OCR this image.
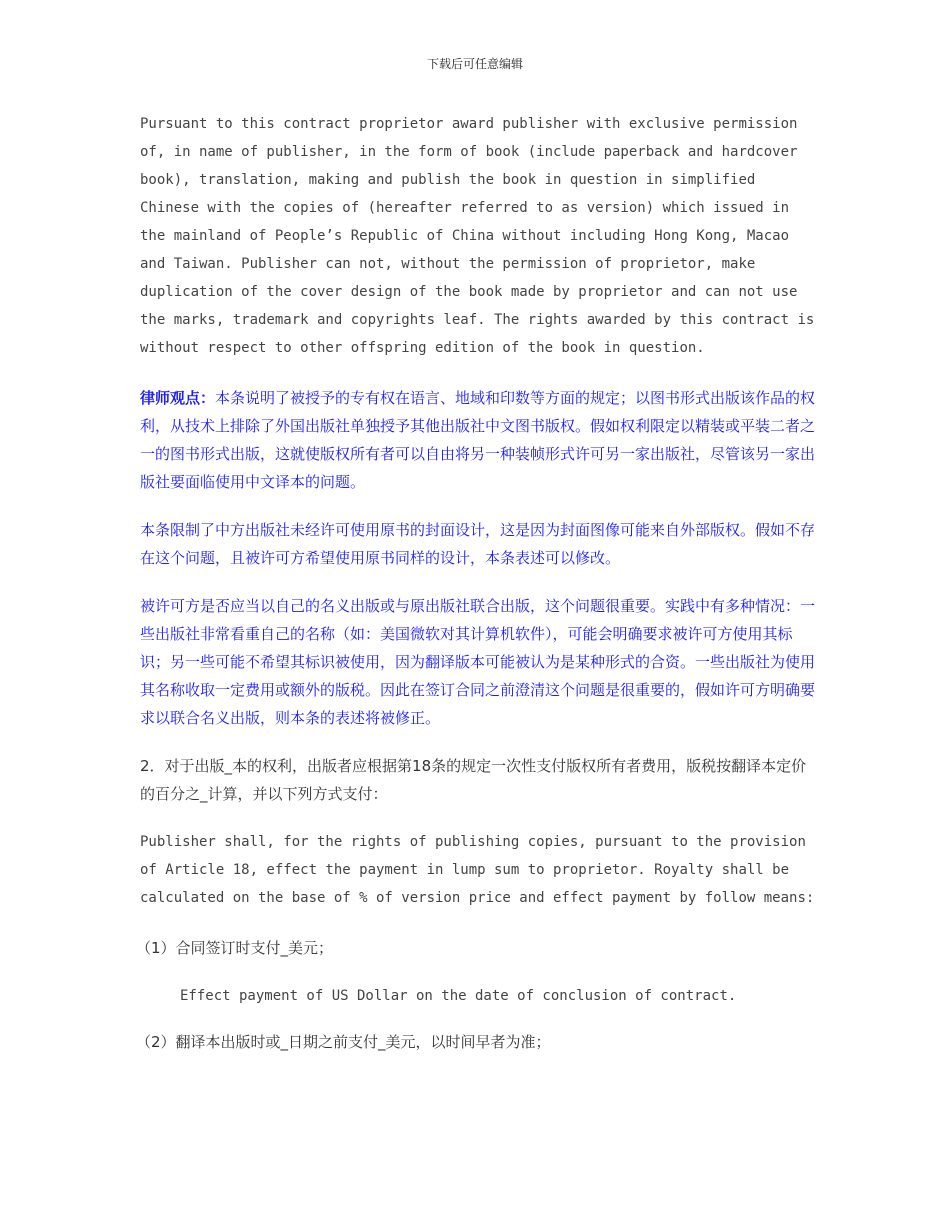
下载后可任意编辑

Pursuant to this contract proprietor award publisher with exclusive permission of, in name of publisher, in the form of book (include paperback and hardcover book), translation, making and publish the book in question in simplified Chinese with the copies of (hereafter referred to as version) which issued in the mainland of People’s Republic of China without including Hong Kong, Macao and Taiwan. Publisher can not, without the permission of proprietor, make duplication of the cover design of the book made by proprietor and can not use the marks, trademark and copyrights leaf. The rights awarded by this contract is without respect to other offspring edition of the book in question.

律师观点：本条说明了被授予的专有权在语言、地域和印数等方面的规定；以图书形式出版该作品的权利，从技术上排除了外国出版社单独授予其他出版社中文图书版权。假如权利限定以精装或平装二者之一的图书形式出版，这就使版权所有者可以自由将另一种装帧形式许可另一家出版社，尽管该另一家出版社要面临使用中文译本的问题。

本条限制了中方出版社未经许可使用原书的封面设计，这是因为封面图像可能来自外部版权。假如不存在这个问题，且被许可方希望使用原书同样的设计，本条表述可以修改。

被许可方是否应当以自己的名义出版或与原出版社联合出版，这个问题很重要。实践中有多种情况：一些出版社非常看重自己的名称（如：美国微软对其计算机软件），可能会明确要求被许可方使用其标识；另一些可能不希望其标识被使用，因为翻译版本可能被认为是某种形式的合资。一些出版社为使用其名称收取一定费用或额外的版税。因此在签订合同之前澄清这个问题是很重要的，假如许可方明确要求以联合名义出版，则本条的表述将被修正。

2．对于出版_本的权利，出版者应根据第18条的规定一次性支付版权所有者费用，版税按翻译本定价的百分之_计算，并以下列方式支付：

Publisher shall, for the rights of publishing copies, pursuant to the provision of Article 18, effect the payment in lump sum to proprietor. Royalty shall be calculated on the base of % of version price and effect payment by follow means:

（1）合同签订时支付_美元；

Effect payment of US Dollar on the date of conclusion of contract.

（2）翻译本出版时或_日期之前支付_美元，以时间早者为准；
